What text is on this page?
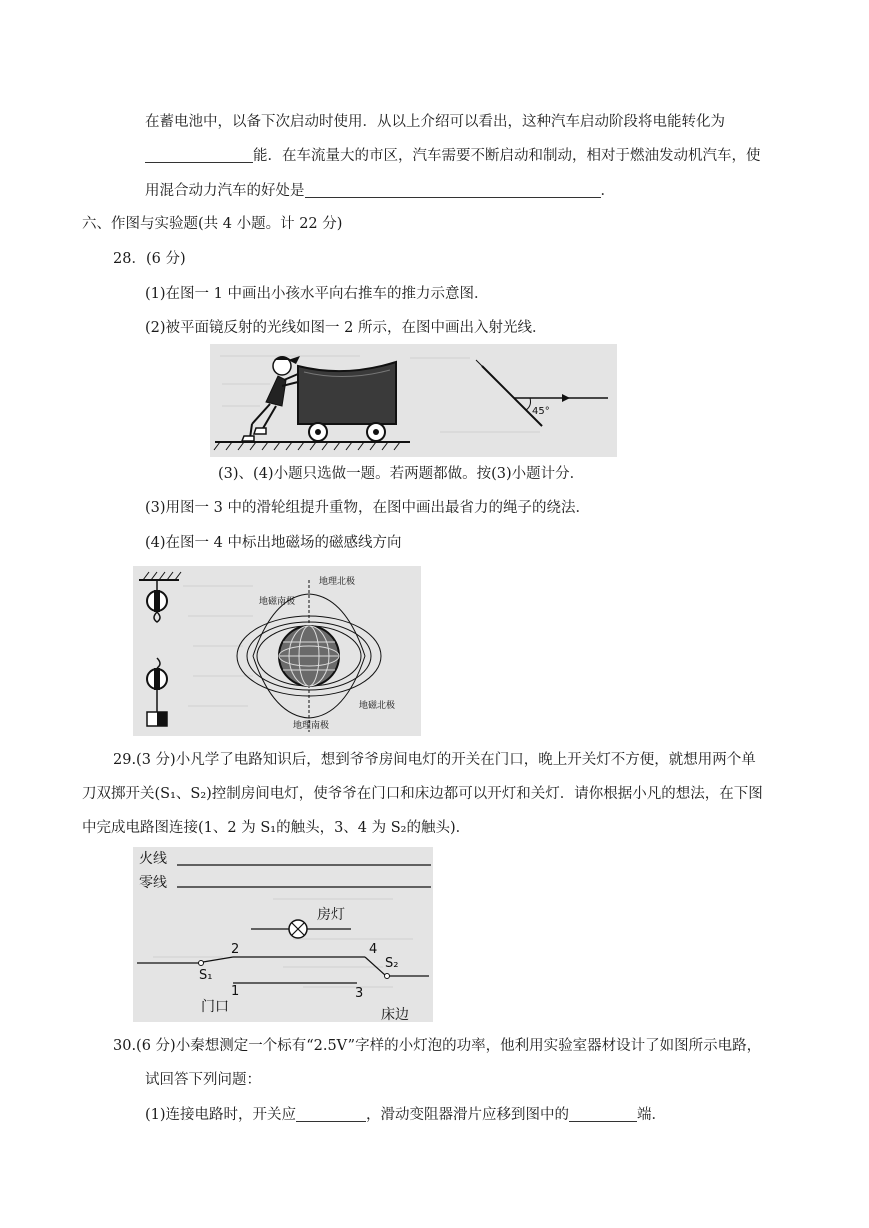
在蓄电池中，以备下次启动时使用．从以上介绍可以看出，这种汽车启动阶段将电能转化为
能．在车流量大的市区，汽车需要不断启动和制动，相对于燃油发动机汽车，使
用混合动力汽车的好处是	．
六、作图与实验题(共 4 小题。计 22 分)
28．(6 分)
(1)在图一 1 中画出小孩水平向右推车的推力示意图．
(2)被平面镜反射的光线如图一 2 所示，在图中画出入射光线．
45°
(3)、(4)小题只选做一题。若两题都做。按(3)小题计分．
(3)用图一 3 中的滑轮组提升重物，在图中画出最省力的绳子的绕法．
(4)在图一 4 中标出地磁场的磁感线方向
地理北极
地磁南极
地磁北极
地理南极
29.(3 分)小凡学了电路知识后，想到爷爷房间电灯的开关在门口，晚上开关灯不方便，就想用两个单
刀双掷开关(S₁、S₂)控制房间电灯，使爷爷在门口和床边都可以开灯和关灯．请你根据小凡的想法，在下图
中完成电路图连接(1、2 为 S₁的触头，3、4 为 S₂的触头)．
火线
零线
房灯
2
S₁
1
4
S₂
3
门口	床边
30.(6 分)小秦想测定一个标有“2.5V”字样的小灯泡的功率，他利用实验室器材设计了如图所示电路，
试回答下列问题：
(1)连接电路时，开关应	，滑动变阻器滑片应移到图中的	端．
